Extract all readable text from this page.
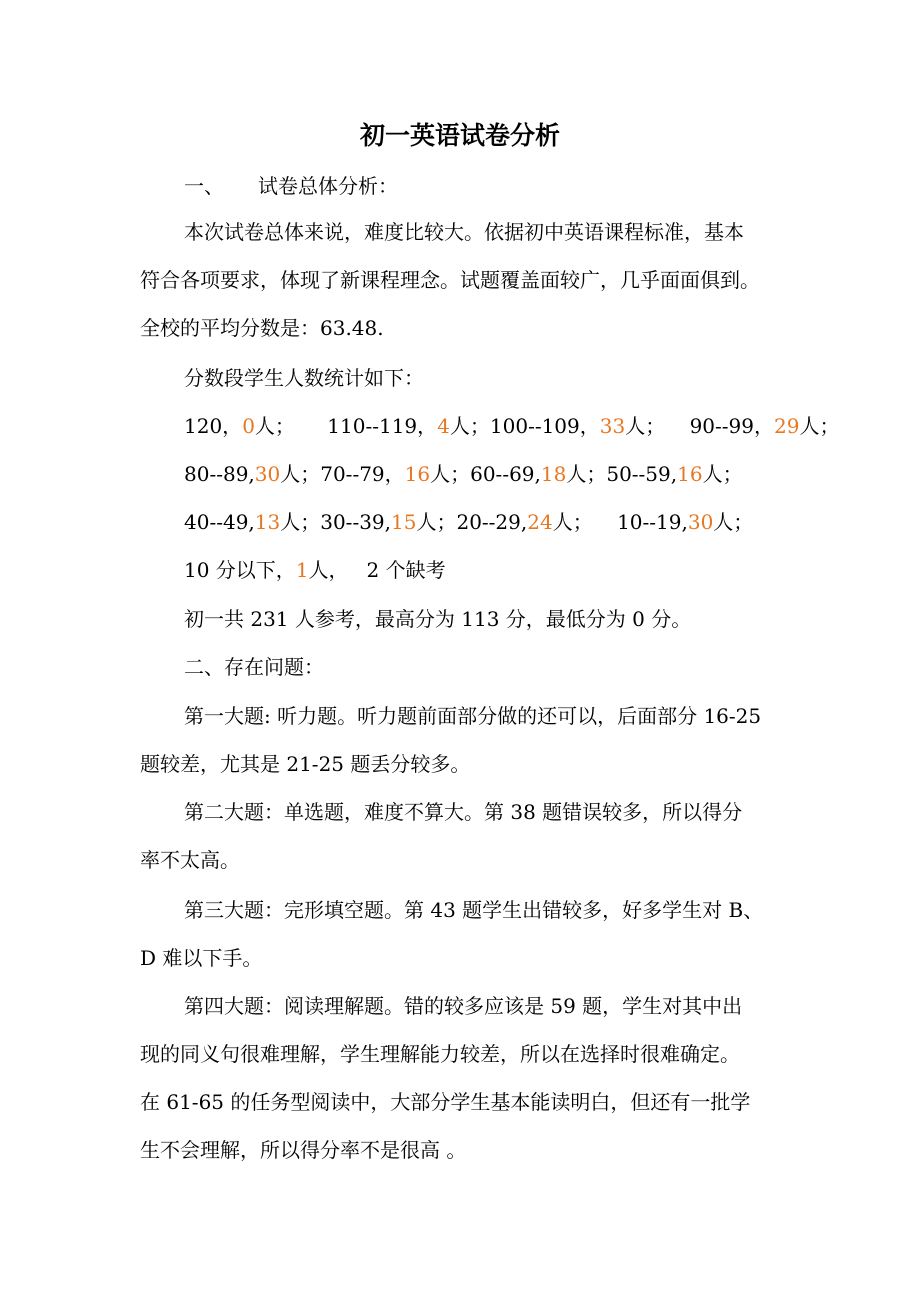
初一英语试卷分析
一、 试卷总体分析：
本次试卷总体来说，难度比较大。依据初中英语课程标准，基本
符合各项要求，体现了新课程理念。试题覆盖面较广，几乎面面俱到。
全校的平均分数是：63.48.
分数段学生人数统计如下：
120，0人； 110--119，4人；100--109，33人； 90--99，29人；
80--89,30人；70--79，16人；60--69,18人；50--59,16人；
40--49,13人；30--39,15人；20--29,24人； 10--19,30人；
10 分以下，1人， 2 个缺考
初一共 231 人参考，最高分为 113 分，最低分为 0 分。
二、存在问题：
第一大题: 听力题。听力题前面部分做的还可以，后面部分 16-25
题较差，尤其是 21-25 题丢分较多。
第二大题：单选题，难度不算大。第 38 题错误较多，所以得分
率不太高。
第三大题：完形填空题。第 43 题学生出错较多，好多学生对 B、
D 难以下手。
第四大题：阅读理解题。错的较多应该是 59 题，学生对其中出
现的同义句很难理解，学生理解能力较差，所以在选择时很难确定。
在 61-65 的任务型阅读中，大部分学生基本能读明白，但还有一批学
生不会理解，所以得分率不是很高 。
